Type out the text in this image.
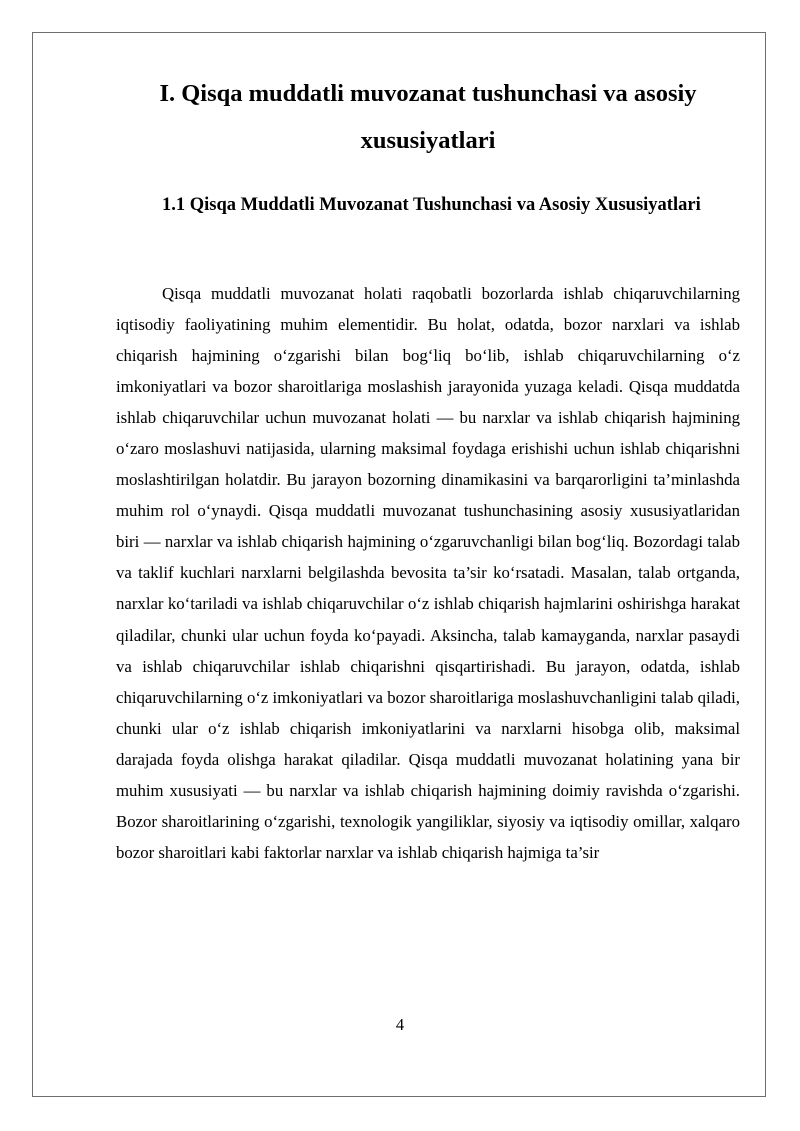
I. Qisqa muddatli muvozanat tushunchasi va asosiy xususiyatlari
1.1 Qisqa Muddatli Muvozanat Tushunchasi va Asosiy Xususiyatlari

Qisqa muddatli muvozanat holati raqobatli bozorlarda ishlab chiqaruvchilarning iqtisodiy faoliyatining muhim elementidir. Bu holat, odatda, bozor narxlari va ishlab chiqarish hajmining o‘zgarishi bilan bog‘liq bo‘lib, ishlab chiqaruvchilarning o‘z imkoniyatlari va bozor sharoitlariga moslashish jarayonida yuzaga keladi. Qisqa muddatda ishlab chiqaruvchilar uchun muvozanat holati — bu narxlar va ishlab chiqarish hajmining o‘zaro moslashuvi natijasida, ularning maksimal foydaga erishishi uchun ishlab chiqarishni moslashtirilgan holatdir. Bu jarayon bozorning dinamikasini va barqarorligini ta’minlashda muhim rol o‘ynaydi. Qisqa muddatli muvozanat tushunchasining asosiy xususiyatlaridan biri — narxlar va ishlab chiqarish hajmining o‘zgaruvchanligi bilan bog‘liq. Bozordagi talab va taklif kuchlari narxlarni belgilashda bevosita ta’sir ko‘rsatadi. Masalan, talab ortganda, narxlar ko‘tariladi va ishlab chiqaruvchilar o‘z ishlab chiqarish hajmlarini oshirishga harakat qiladilar, chunki ular uchun foyda ko‘payadi. Aksincha, talab kamayganda, narxlar pasaydi va ishlab chiqaruvchilar ishlab chiqarishni qisqartirishadi. Bu jarayon, odatda, ishlab chiqaruvchilarning o‘z imkoniyatlari va bozor sharoitlariga moslashuvchanligini talab qiladi, chunki ular o‘z ishlab chiqarish imkoniyatlarini va narxlarni hisobga olib, maksimal darajada foyda olishga harakat qiladilar. Qisqa muddatli muvozanat holatining yana bir muhim xususiyati — bu narxlar va ishlab chiqarish hajmining doimiy ravishda o‘zgarishi. Bozor sharoitlarining o‘zgarishi, texnologik yangiliklar, siyosiy va iqtisodiy omillar, xalqaro bozor sharoitlari kabi faktorlar narxlar va ishlab chiqarish hajmiga ta’sir

4
